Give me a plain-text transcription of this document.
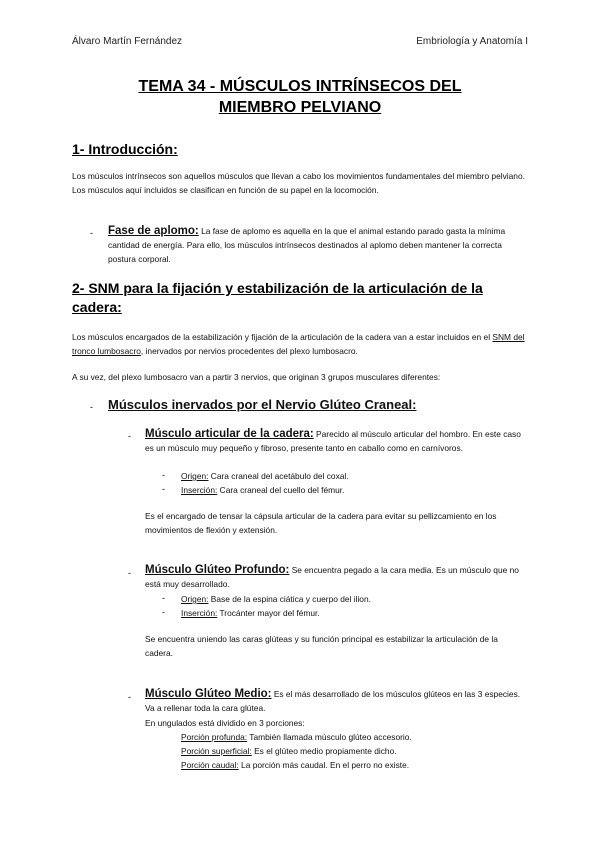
Álvaro Martín Fernández	Embriología y Anatomía I
TEMA 34 - MÚSCULOS INTRÍNSECOS DEL
MIEMBRO PELVIANO
1- Introducción:
Los músculos intrínsecos son aquellos músculos que llevan a cabo los movimientos fundamentales del miembro pelviano. Los músculos aquí incluidos se clasifican en función de su papel en la locomoción.
- Fase de aplomo: La fase de aplomo es aquella en la que el animal estando parado gasta la mínima cantidad de energía. Para ello, los músculos intrínsecos destinados al aplomo deben mantener la correcta postura corporal.
2- SNM para la fijación y estabilización de la articulación de la
cadera:
Los músculos encargados de la estabilización y fijación de la articulación de la cadera van a estar incluidos en el SNM del tronco lumbosacro, inervados por nervios procedentes del plexo lumbosacro.
A su vez, del plexo lumbosacro van a partir 3 nervios, que originan 3 grupos musculares diferentes:
- Músculos inervados por el Nervio Glúteo Craneal:
- Músculo articular de la cadera: Parecido al músculo articular del hombro. En este caso es un músculo muy pequeño y fibroso, presente tanto en caballo como en carnívoros.
- Origen: Cara craneal del acetábulo del coxal.
- Inserción: Cara craneal del cuello del fémur.
Es el encargado de tensar la cápsula articular de la cadera para evitar su pellizcamiento en los movimientos de flexión y extensión.
- Músculo Glúteo Profundo: Se encuentra pegado a la cara media. Es un músculo que no está muy desarrollado.
- Origen: Base de la espina ciática y cuerpo del ilion.
- Inserción: Trocánter mayor del fémur.
Se encuentra uniendo las caras glúteas y su función principal es estabilizar la articulación de la cadera.
- Músculo Glúteo Medio: Es el más desarrollado de los músculos glúteos en las 3 especies. Va a rellenar toda la cara glútea.
En ungulados está dividido en 3 porciones:
Porción profunda: También llamada músculo glúteo accesorio.
Porción superficial: Es el glúteo medio propiamente dicho.
Porción caudal: La porción más caudal. En el perro no existe.
